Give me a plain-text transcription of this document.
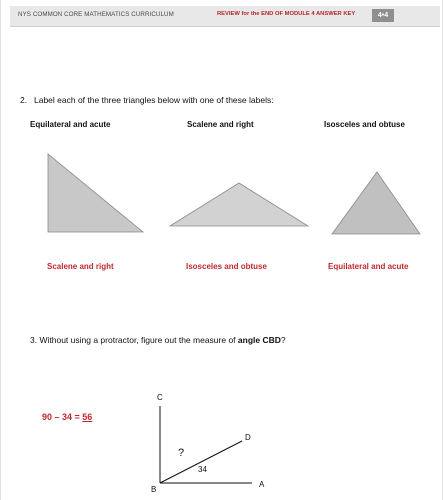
NYS COMMON CORE MATHEMATICS CURRICULUM	REVIEW for the END OF MODULE 4 ANSWER KEY	4•4
2. Label each of the three triangles below with one of these labels:
Equilateral and acute	Scalene and right	Isosceles and obtuse
C
D
B
A
?
34
Scalene and right	Isosceles and obtuse	Equilateral and acute
3. Without using a protractor, figure out the measure of angle CBD?
90 – 34 = 56
